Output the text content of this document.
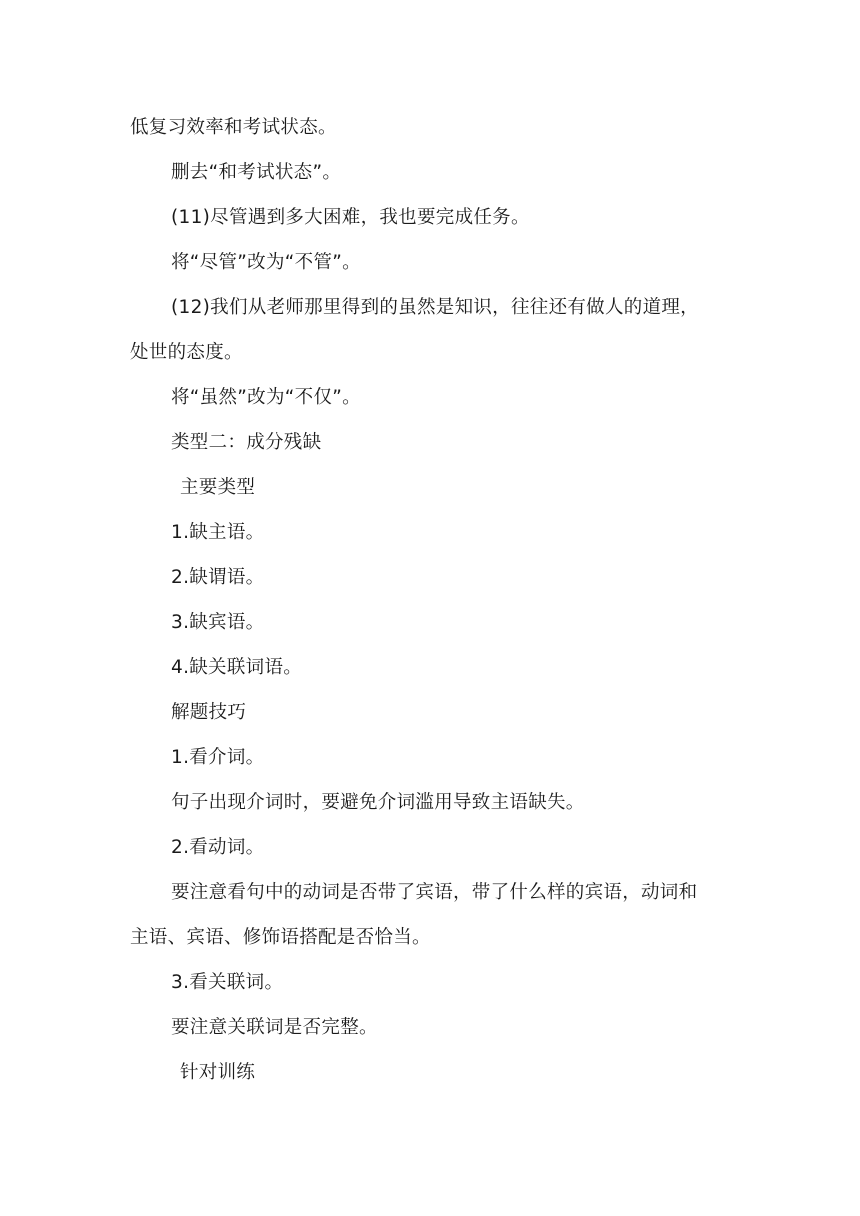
低复习效率和考试状态。
删去“和考试状态”。
(11)尽管遇到多大困难，我也要完成任务。
将“尽管”改为“不管”。
(12)我们从老师那里得到的虽然是知识，往往还有做人的道理，
处世的态度。
将“虽然”改为“不仅”。
类型二：成分残缺
主要类型
1.缺主语。
2.缺谓语。
3.缺宾语。
4.缺关联词语。
解题技巧
1.看介词。
句子出现介词时，要避免介词滥用导致主语缺失。
2.看动词。
要注意看句中的动词是否带了宾语，带了什么样的宾语，动词和
主语、宾语、修饰语搭配是否恰当。
3.看关联词。
要注意关联词是否完整。
针对训练
